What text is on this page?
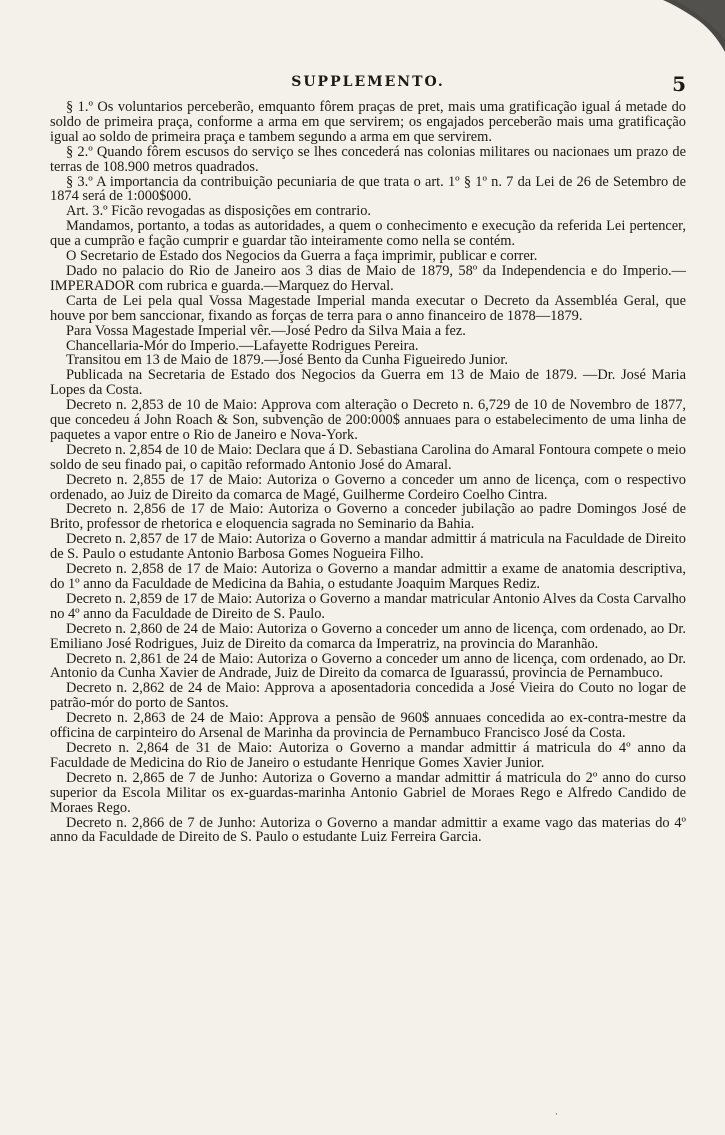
SUPPLEMENTO.	5

§ 1.º Os voluntarios perceberão, emquanto fôrem praças de pret, mais uma gratificação igual á metade do soldo de primeira praça, conforme a arma em que servirem; os engajados perceberão mais uma gratificação igual ao soldo de primeira praça e tambem segundo a arma em que servirem.

§ 2.º Quando fôrem escusos do serviço se lhes concederá nas colonias militares ou nacionaes um prazo de terras de 108.900 metros quadrados.

§ 3.º A importancia da contribuição pecuniaria de que trata o art. 1º § 1º n. 7 da Lei de 26 de Setembro de 1874 será de 1:000$000.

Art. 3.º Ficão revogadas as disposições em contrario.

Mandamos, portanto, a todas as autoridades, a quem o conhecimento e execução da referida Lei pertencer, que a cumprão e fação cumprir e guardar tão inteiramente como nella se contém.

O Secretario de Estado dos Negocios da Guerra a faça imprimir, publicar e correr.

Dado no palacio do Rio de Janeiro aos 3 dias de Maio de 1879, 58º da Independencia e do Imperio.—IMPERADOR com rubrica e guarda.—Marquez do Herval.

Carta de Lei pela qual Vossa Magestade Imperial manda executar o Decreto da Assembléa Geral, que houve por bem sanccionar, fixando as forças de terra para o anno financeiro de 1878—1879.

Para Vossa Magestade Imperial vêr.—José Pedro da Silva Maia a fez.

Chancellaria-Mór do Imperio.—Lafayette Rodrigues Pereira.

Transitou em 13 de Maio de 1879.—José Bento da Cunha Figueiredo Junior.

Publicada na Secretaria de Estado dos Negocios da Guerra em 13 de Maio de 1879. —Dr. José Maria Lopes da Costa.

Decreto n. 2,853 de 10 de Maio: Approva com alteração o Decreto n. 6,729 de 10 de Novembro de 1877, que concedeu á John Roach & Son, subvenção de 200:000$ annuaes para o estabelecimento de uma linha de paquetes a vapor entre o Rio de Janeiro e Nova-York.

Decreto n. 2,854 de 10 de Maio: Declara que á D. Sebastiana Carolina do Amaral Fontoura compete o meio soldo de seu finado pai, o capitão reformado Antonio José do Amaral.

Decreto n. 2,855 de 17 de Maio: Autoriza o Governo a conceder um anno de licença, com o respectivo ordenado, ao Juiz de Direito da comarca de Magé, Guilherme Cordeiro Coelho Cintra.

Decreto n. 2,856 de 17 de Maio: Autoriza o Governo a conceder jubilação ao padre Domingos José de Brito, professor de rhetorica e eloquencia sagrada no Seminario da Bahia.

Decreto n. 2,857 de 17 de Maio: Autoriza o Governo a mandar admittir á matricula na Faculdade de Direito de S. Paulo o estudante Antonio Barbosa Gomes Nogueira Filho.

Decreto n. 2,858 de 17 de Maio: Autoriza o Governo a mandar admittir a exame de anatomia descriptiva, do 1º anno da Faculdade de Medicina da Bahia, o estudante Joaquim Marques Rediz.

Decreto n. 2,859 de 17 de Maio: Autoriza o Governo a mandar matricular Antonio Alves da Costa Carvalho no 4º anno da Faculdade de Direito de S. Paulo.

Decreto n. 2,860 de 24 de Maio: Autoriza o Governo a conceder um anno de licença, com ordenado, ao Dr. Emiliano José Rodrigues, Juiz de Direito da comarca da Imperatriz, na provincia do Maranhão.

Decreto n. 2,861 de 24 de Maio: Autoriza o Governo a conceder um anno de licença, com ordenado, ao Dr. Antonio da Cunha Xavier de Andrade, Juiz de Direito da comarca de Iguarassú, provincia de Pernambuco.

Decreto n. 2,862 de 24 de Maio: Approva a aposentadoria concedida a José Vieira do Couto no logar de patrão-mór do porto de Santos.

Decreto n. 2,863 de 24 de Maio: Approva a pensão de 960$ annuaes concedida ao ex-contra-mestre da officina de carpinteiro do Arsenal de Marinha da provincia de Pernambuco Francisco José da Costa.

Decreto n. 2,864 de 31 de Maio: Autoriza o Governo a mandar admittir á matricula do 4º anno da Faculdade de Medicina do Rio de Janeiro o estudante Henrique Gomes Xavier Junior.

Decreto n. 2,865 de 7 de Junho: Autoriza o Governo a mandar admittir á matricula do 2º anno do curso superior da Escola Militar os ex-guardas-marinha Antonio Gabriel de Moraes Rego e Alfredo Candido de Moraes Rego.

Decreto n. 2,866 de 7 de Junho: Autoriza o Governo a mandar admittir a exame vago das materias do 4º anno da Faculdade de Direito de S. Paulo o estudante Luiz Ferreira Garcia.

·
